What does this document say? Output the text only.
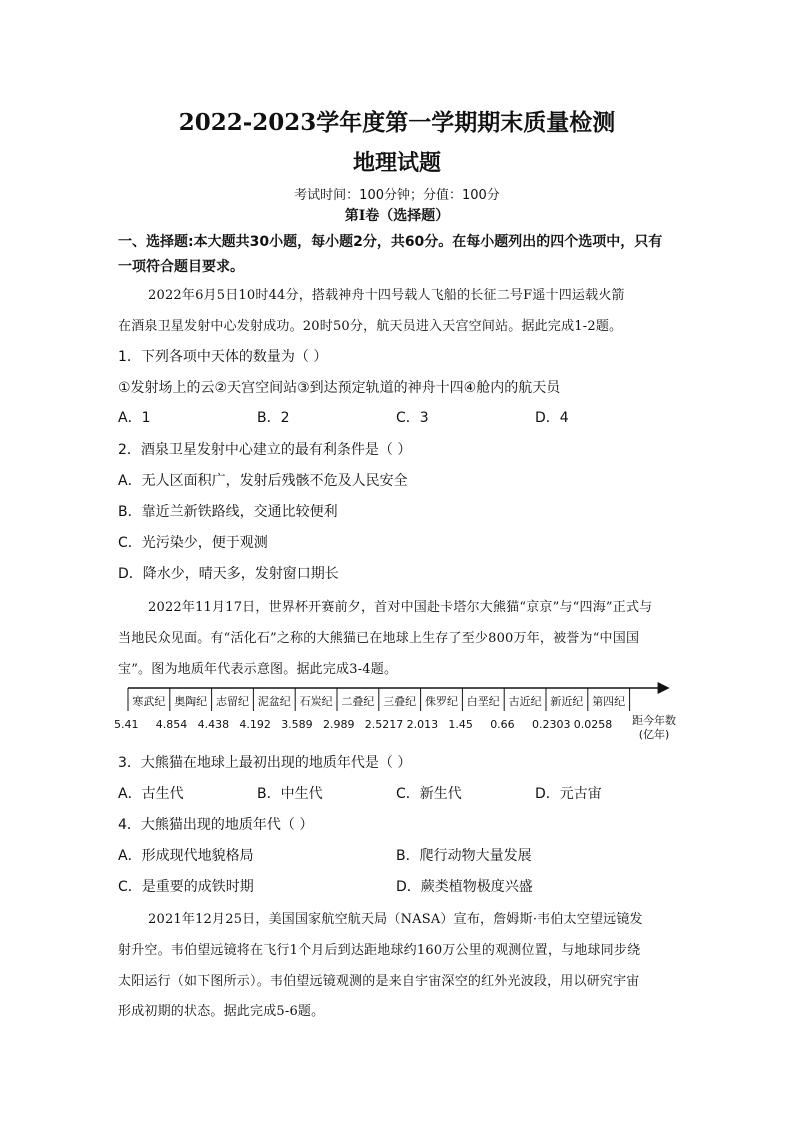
2022-2023学年度第一学期期末质量检测
地理试题
考试时间：100分钟；分值：100分
第I卷（选择题）
一、选择题:本大题共30小题，每小题2分，共60分。在每小题列出的四个选项中，只有
一项符合题目要求。
2022年6月5日10时44分，搭载神舟十四号载人飞船的长征二号F遥十四运载火箭
在酒泉卫星发射中心发射成功。20时50分，航天员进入天宫空间站。据此完成1-2题。
1．下列各项中天体的数量为（ ）
①发射场上的云②天宫空间站③到达预定轨道的神舟十四④舱内的航天员
A．1	B．2	C．3	D．4
2．酒泉卫星发射中心建立的最有利条件是（ ）
A．无人区面积广，发射后残骸不危及人民安全
B．靠近兰新铁路线，交通比较便利
C．光污染少，便于观测
D．降水少，晴天多，发射窗口期长
2022年11月17日，世界杯开赛前夕，首对中国赴卡塔尔大熊猫“京京”与“四海”正式与
当地民众见面。有“活化石”之称的大熊猫已在地球上生存了至少800万年，被誉为“中国国
宝”。图为地质年代表示意图。据此完成3-4题。
寒武纪 奥陶纪 志留纪 泥盆纪 石炭纪 二叠纪 三叠纪 侏罗纪 白垩纪 古近纪 新近纪 第四纪
5.41 4.854 4.438 4.192 3.589 2.989 2.5217 2.013 1.45 0.66 0.2303 0.0258	距今年数
(亿年)
3．大熊猫在地球上最初出现的地质年代是（ ）
A．古生代	B．中生代	C．新生代	D．元古宙
4．大熊猫出现的地质年代（ ）
A．形成现代地貌格局	B．爬行动物大量发展
C．是重要的成铁时期	D．蕨类植物极度兴盛
2021年12月25日，美国国家航空航天局（NASA）宣布，詹姆斯·韦伯太空望远镜发
射升空。韦伯望远镜将在飞行1个月后到达距地球约160万公里的观测位置，与地球同步绕
太阳运行（如下图所示）。韦伯望远镜观测的是来自宇宙深空的红外光波段，用以研究宇宙
形成初期的状态。据此完成5-6题。
